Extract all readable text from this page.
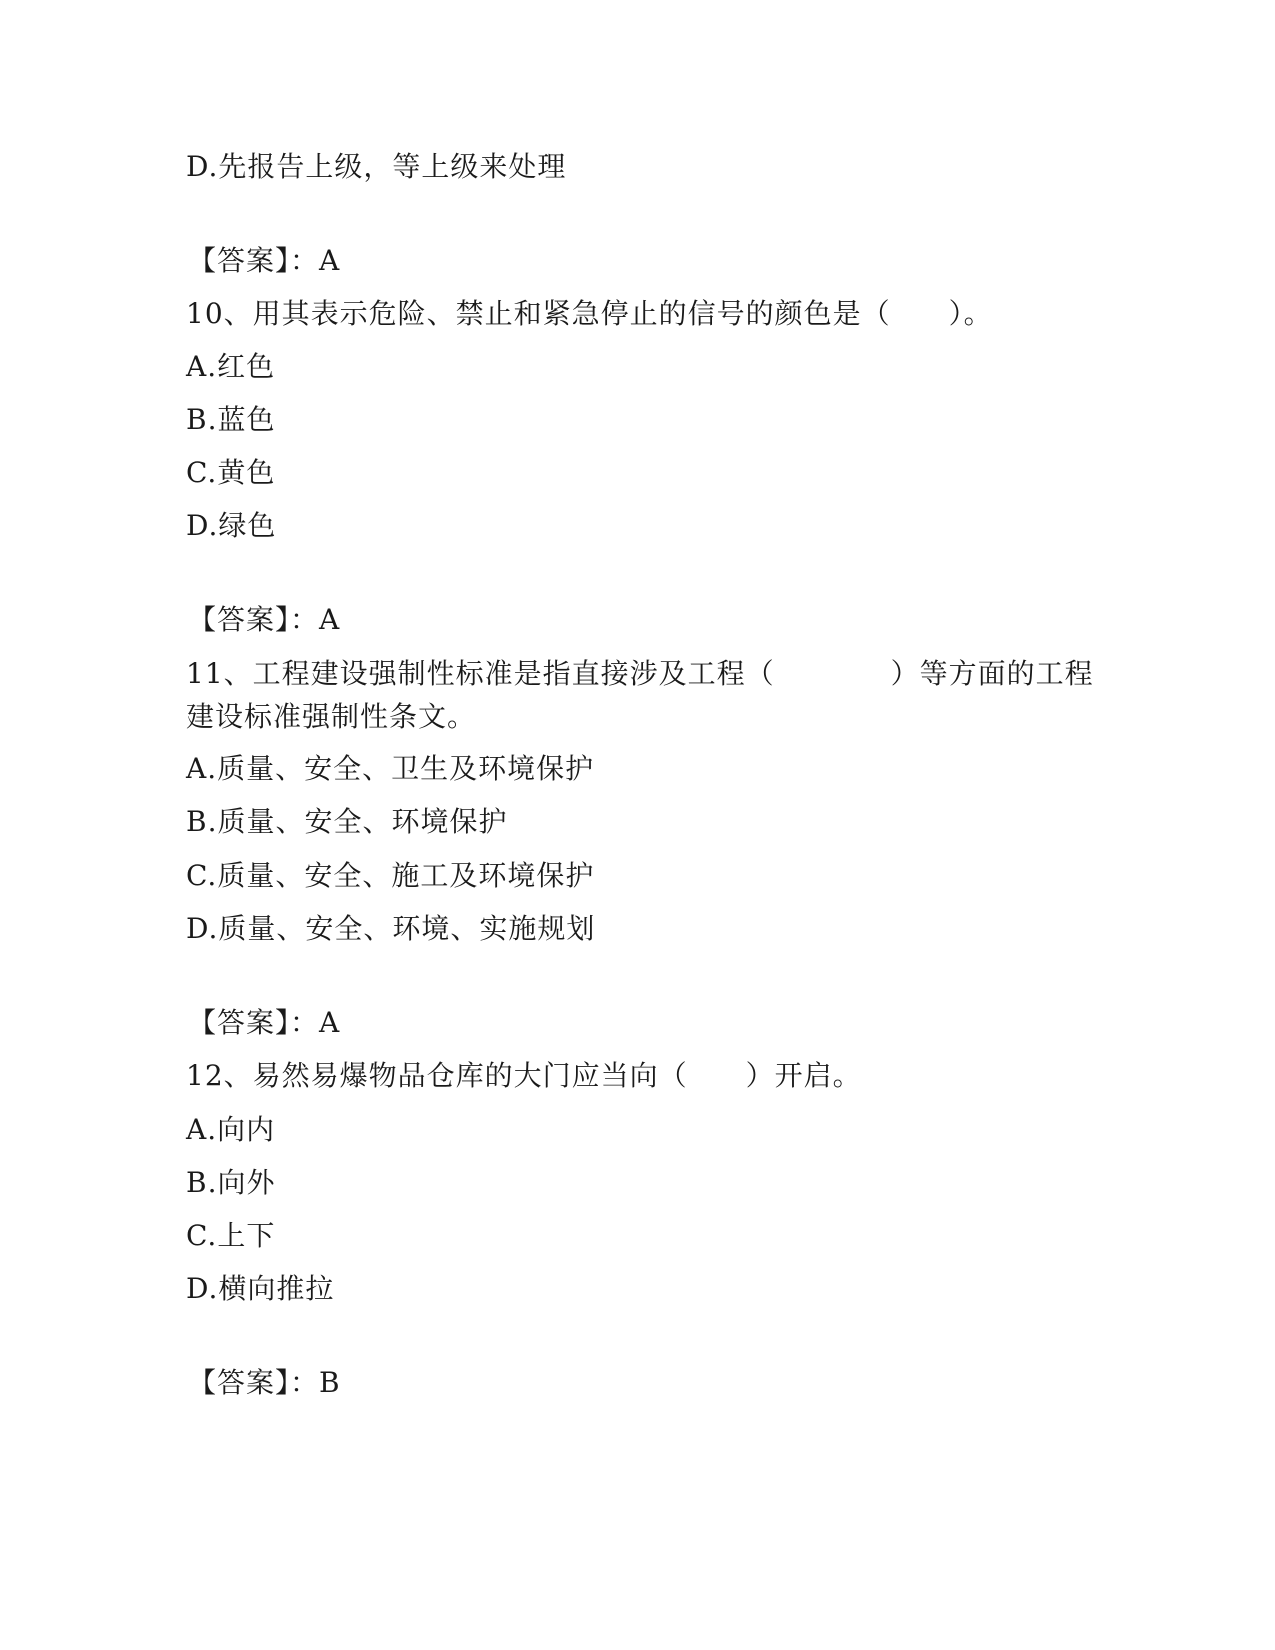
D.先报告上级，等上级来处理
【答案】：A
10、用其表示危险、禁止和紧急停止的信号的颜色是（　　）。
A.红色
B.蓝色
C.黄色
D.绿色
【答案】：A
11、工程建设强制性标准是指直接涉及工程（　　　　）等方面的工程
建设标准强制性条文。
A.质量、安全、卫生及环境保护
B.质量、安全、环境保护
C.质量、安全、施工及环境保护
D.质量、安全、环境、实施规划
【答案】：A
12、易然易爆物品仓库的大门应当向（　　）开启。
A.向内
B.向外
C.上下
D.横向推拉
【答案】：B
